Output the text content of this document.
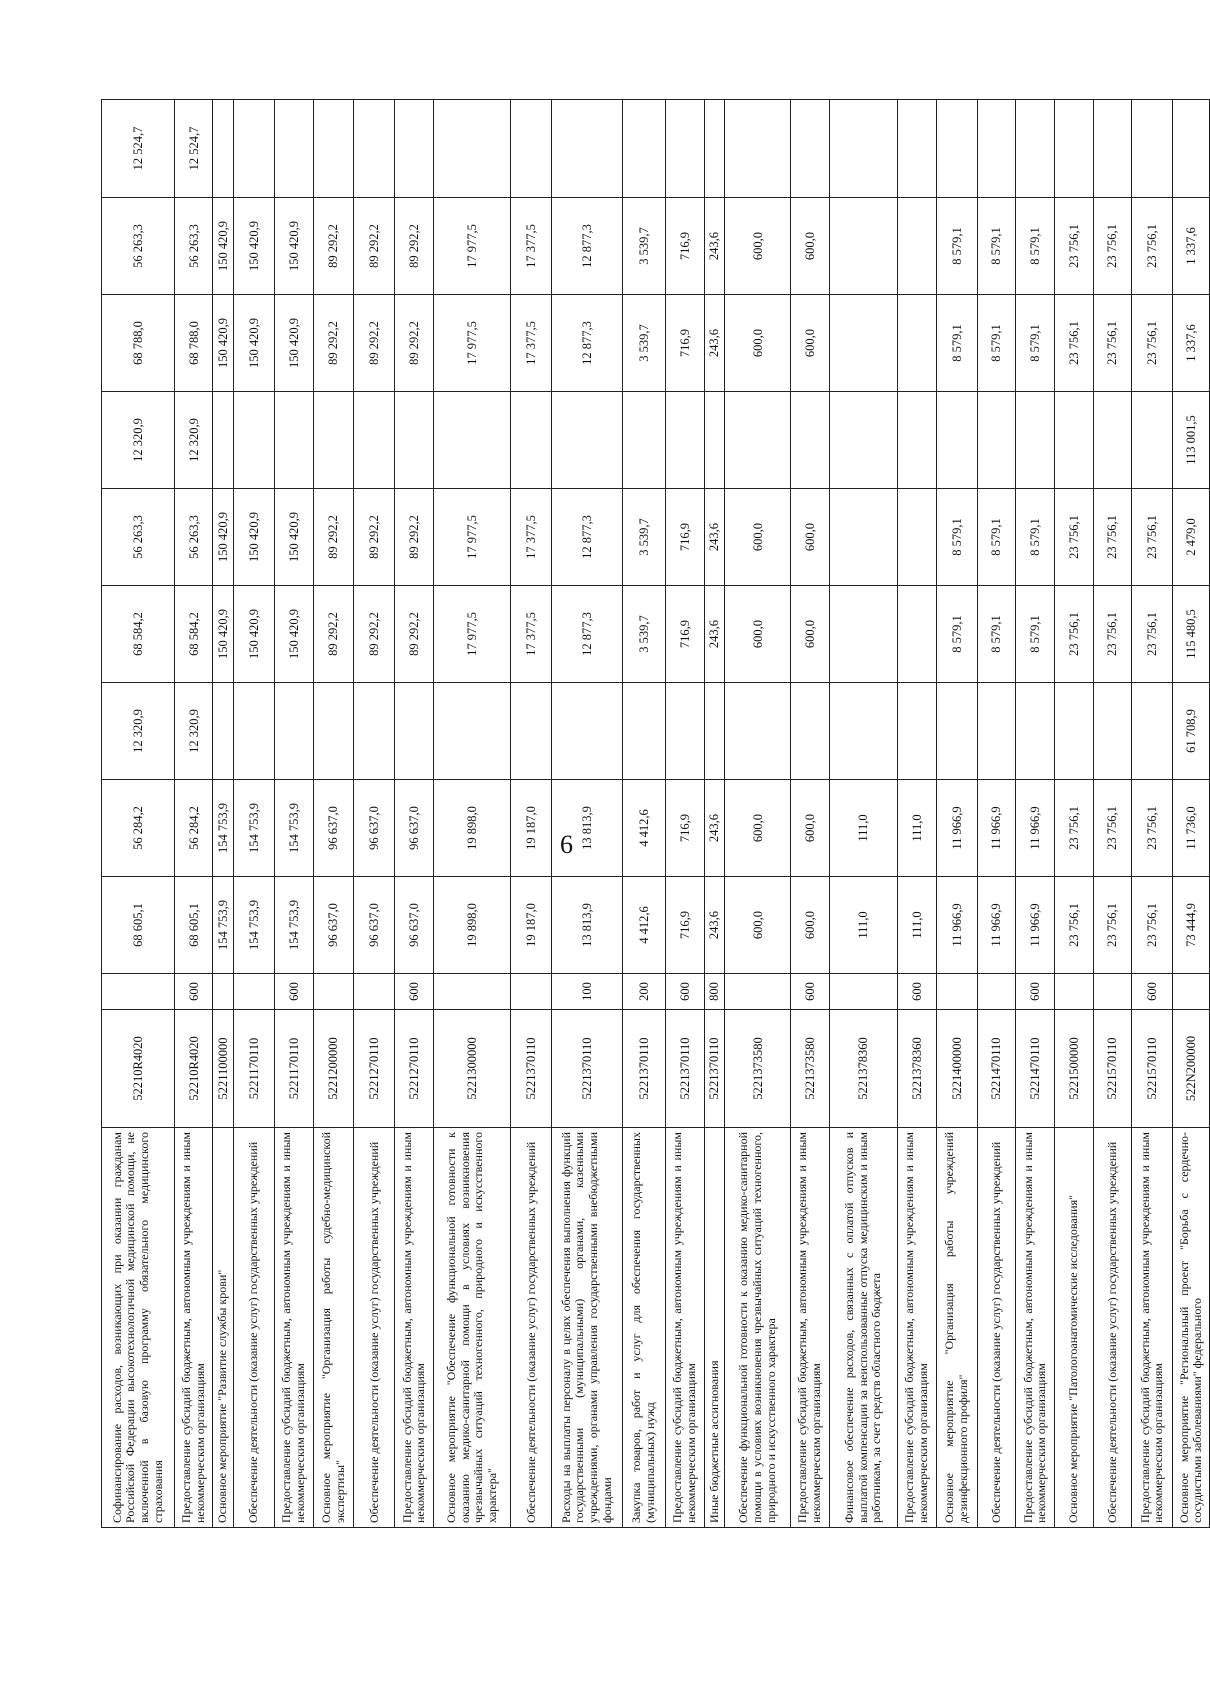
6
Софинансирование расходов, возникающих при оказании гражданам Российской Федерации высокотехнологичной медицинской помощи, не включенной в базовую программу обязательного медицинского страхования	52210R4020		68 605,1	56 284,2	12 320,9	68 584,2	56 263,3	12 320,9	68 788,0	56 263,3	12 524,7
Предоставление субсидий бюджетным, автономным учреждениям и иным некоммерческим организациям	52210R4020	600	68 605,1	56 284,2	12 320,9	68 584,2	56 263,3	12 320,9	68 788,0	56 263,3	12 524,7
Основное мероприятие "Развитие службы крови"	5221100000		154 753,9	154 753,9		150 420,9	150 420,9		150 420,9	150 420,9	
Обеспечение деятельности (оказание услуг) государственных учреждений	5221170110		154 753,9	154 753,9		150 420,9	150 420,9		150 420,9	150 420,9	
Предоставление субсидий бюджетным, автономным учреждениям и иным некоммерческим организациям	5221170110	600	154 753,9	154 753,9		150 420,9	150 420,9		150 420,9	150 420,9	
Основное мероприятие "Организация работы судебно-медицинской экспертизы"	5221200000		96 637,0	96 637,0		89 292,2	89 292,2		89 292,2	89 292,2	
Обеспечение деятельности (оказание услуг) государственных учреждений	5221270110		96 637,0	96 637,0		89 292,2	89 292,2		89 292,2	89 292,2	
Предоставление субсидий бюджетным, автономным учреждениям и иным некоммерческим организациям	5221270110	600	96 637,0	96 637,0		89 292,2	89 292,2		89 292,2	89 292,2	
Основное мероприятие "Обеспечение функциональной готовности к оказанию медико-санитарной помощи в условиях возникновения чрезвычайных ситуаций техногенного, природного и искусственного характера"	5221300000		19 898,0	19 898,0		17 977,5	17 977,5		17 977,5	17 977,5	
Обеспечение деятельности (оказание услуг) государственных учреждений	5221370110		19 187,0	19 187,0		17 377,5	17 377,5		17 377,5	17 377,5	
Расходы на выплаты персоналу в целях обеспечения выполнения функций государственными (муниципальными) органами, казенными учреждениями, органами управления государственными внебюджетными фондами	5221370110	100	13 813,9	13 813,9		12 877,3	12 877,3		12 877,3	12 877,3	
Закупка товаров, работ и услуг для обеспечения государственных (муниципальных) нужд	5221370110	200	4 412,6	4 412,6		3 539,7	3 539,7		3 539,7	3 539,7	
Предоставление субсидий бюджетным, автономным учреждениям и иным некоммерческим организациям	5221370110	600	716,9	716,9		716,9	716,9		716,9	716,9	
Иные бюджетные ассигнования	5221370110	800	243,6	243,6		243,6	243,6		243,6	243,6	
Обеспечение функциональной готовности к оказанию медико-санитарной помощи в условиях возникновения чрезвычайных ситуаций техногенного, природного и искусственного характера	5221373580		600,0	600,0		600,0	600,0		600,0	600,0	
Предоставление субсидий бюджетным, автономным учреждениям и иным некоммерческим организациям	5221373580	600	600,0	600,0		600,0	600,0		600,0	600,0	
Финансовое обеспечение расходов, связанных с оплатой отпусков и выплатой компенсации за неиспользованные отпуска медицинским и иным работникам, за счет средств областного бюджета	5221378360		111,0	111,0							
Предоставление субсидий бюджетным, автономным учреждениям и иным некоммерческим организациям	5221378360	600	111,0	111,0							
Основное мероприятие "Организация работы учреждений дезинфекционного профиля"	5221400000		11 966,9	11 966,9		8 579,1	8 579,1		8 579,1	8 579,1	
Обеспечение деятельности (оказание услуг) государственных учреждений	5221470110		11 966,9	11 966,9		8 579,1	8 579,1		8 579,1	8 579,1	
Предоставление субсидий бюджетным, автономным учреждениям и иным некоммерческим организациям	5221470110	600	11 966,9	11 966,9		8 579,1	8 579,1		8 579,1	8 579,1	
Основное мероприятие "Патологоанатомические исследования"	5221500000		23 756,1	23 756,1		23 756,1	23 756,1		23 756,1	23 756,1	
Обеспечение деятельности (оказание услуг) государственных учреждений	5221570110		23 756,1	23 756,1		23 756,1	23 756,1		23 756,1	23 756,1	
Предоставление субсидий бюджетным, автономным учреждениям и иным некоммерческим организациям	5221570110	600	23 756,1	23 756,1		23 756,1	23 756,1		23 756,1	23 756,1	
Основное мероприятие "Региональный проект "Борьба с сердечно-сосудистыми заболеваниями" федерального	522N200000		73 444,9	11 736,0	61 708,9	115 480,5	2 479,0	113 001,5	1 337,6	1 337,6	
